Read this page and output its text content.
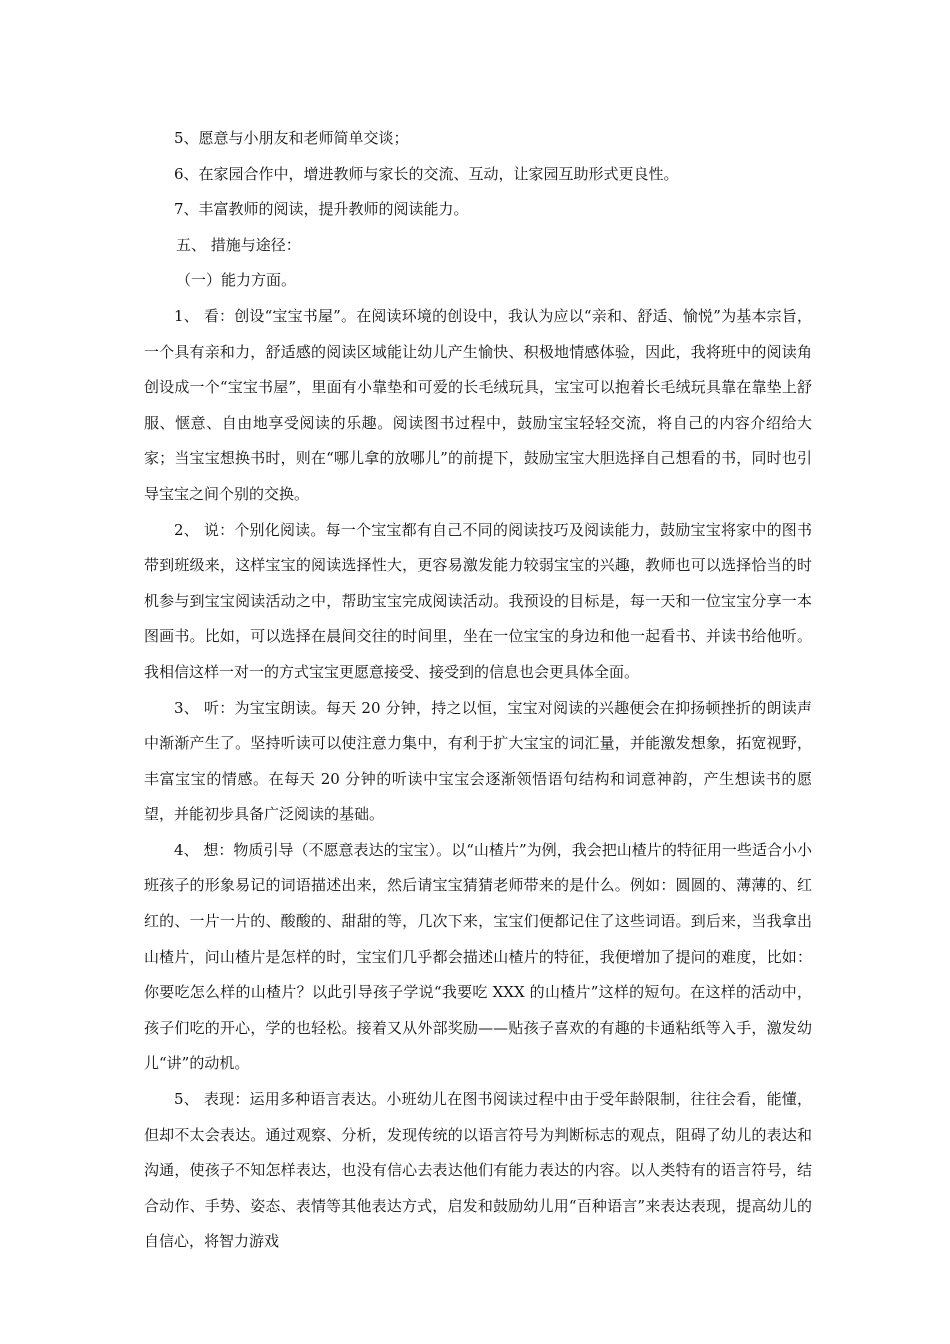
5、愿意与小朋友和老师简单交谈；

6、在家园合作中，增进教师与家长的交流、互动，让家园互助形式更良性。

7、丰富教师的阅读，提升教师的阅读能力。

五、 措施与途径：

（一）能力方面。

1、 看：创设“宝宝书屋”。在阅读环境的创设中，我认为应以“亲和、舒适、愉悦”为基本宗旨，一个具有亲和力，舒适感的阅读区域能让幼儿产生愉快、积极地情感体验，因此，我将班中的阅读角创设成一个“宝宝书屋”，里面有小靠垫和可爱的长毛绒玩具，宝宝可以抱着长毛绒玩具靠在靠垫上舒服、惬意、自由地享受阅读的乐趣。阅读图书过程中，鼓励宝宝轻轻交流，将自己的内容介绍给大家；当宝宝想换书时，则在“哪儿拿的放哪儿”的前提下，鼓励宝宝大胆选择自己想看的书，同时也引导宝宝之间个别的交换。

2、 说：个别化阅读。每一个宝宝都有自己不同的阅读技巧及阅读能力，鼓励宝宝将家中的图书带到班级来，这样宝宝的阅读选择性大，更容易激发能力较弱宝宝的兴趣，教师也可以选择恰当的时机参与到宝宝阅读活动之中，帮助宝宝完成阅读活动。我预设的目标是，每一天和一位宝宝分享一本图画书。比如，可以选择在晨间交往的时间里，坐在一位宝宝的身边和他一起看书、并读书给他听。我相信这样一对一的方式宝宝更愿意接受、接受到的信息也会更具体全面。

3、 听：为宝宝朗读。每天 20 分钟，持之以恒，宝宝对阅读的兴趣便会在抑扬顿挫折的朗读声中渐渐产生了。坚持听读可以使注意力集中，有利于扩大宝宝的词汇量，并能激发想象，拓宽视野，丰富宝宝的情感。在每天 20 分钟的听读中宝宝会逐渐领悟语句结构和词意神韵，产生想读书的愿望，并能初步具备广泛阅读的基础。

4、 想：物质引导（不愿意表达的宝宝）。以“山楂片”为例，我会把山楂片的特征用一些适合小小班孩子的形象易记的词语描述出来，然后请宝宝猜猜老师带来的是什么。例如：圆圆的、薄薄的、红红的、一片一片的、酸酸的、甜甜的等，几次下来，宝宝们便都记住了这些词语。到后来，当我拿出山楂片，问山楂片是怎样的时，宝宝们几乎都会描述山楂片的特征，我便增加了提问的难度，比如：你要吃怎么样的山楂片？以此引导孩子学说“我要吃 XXX 的山楂片”这样的短句。在这样的活动中，孩子们吃的开心，学的也轻松。接着又从外部奖励——贴孩子喜欢的有趣的卡通粘纸等入手，激发幼儿“讲”的动机。

5、 表现：运用多种语言表达。小班幼儿在图书阅读过程中由于受年龄限制，往往会看，能懂，但却不太会表达。通过观察、分析，发现传统的以语言符号为判断标志的观点，阻碍了幼儿的表达和沟通，使孩子不知怎样表达，也没有信心去表达他们有能力表达的内容。以人类特有的语言符号，结合动作、手势、姿态、表情等其他表达方式，启发和鼓励幼儿用“百种语言”来表达表现，提高幼儿的自信心，将智力游戏
